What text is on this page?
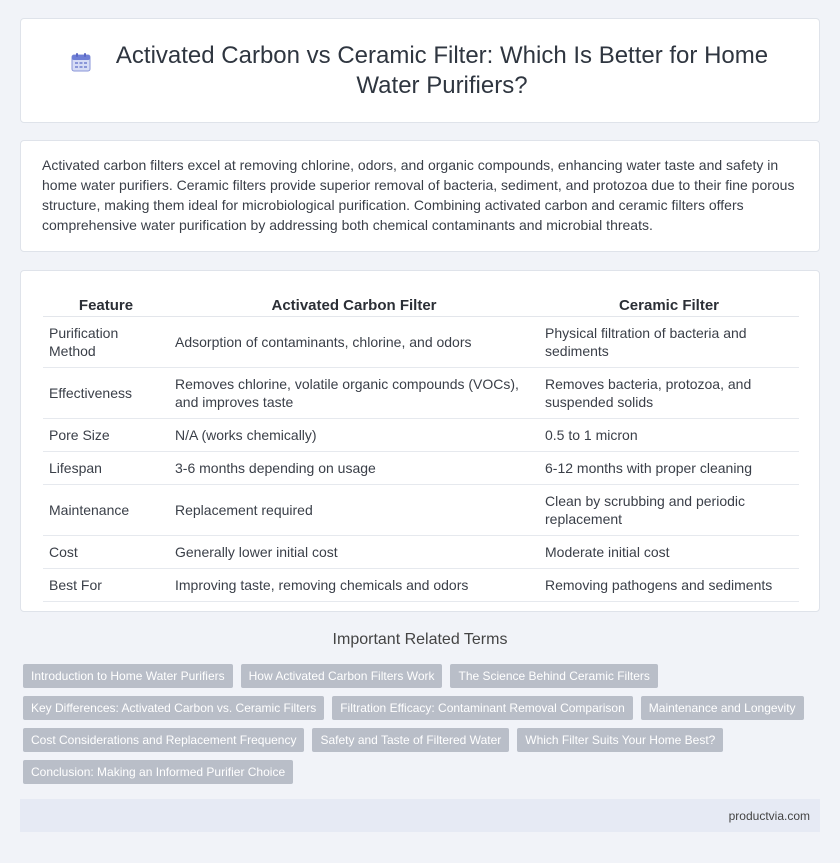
Activated Carbon vs Ceramic Filter: Which Is Better for Home Water Purifiers?

Activated carbon filters excel at removing chlorine, odors, and organic compounds, enhancing water taste and safety in home water purifiers. Ceramic filters provide superior removal of bacteria, sediment, and protozoa due to their fine porous structure, making them ideal for microbiological purification. Combining activated carbon and ceramic filters offers comprehensive water purification by addressing both chemical contaminants and microbial threats.

Feature	Activated Carbon Filter	Ceramic Filter
Purification Method	Adsorption of contaminants, chlorine, and odors	Physical filtration of bacteria and sediments
Effectiveness	Removes chlorine, volatile organic compounds (VOCs), and improves taste	Removes bacteria, protozoa, and suspended solids
Pore Size	N/A (works chemically)	0.5 to 1 micron
Lifespan	3-6 months depending on usage	6-12 months with proper cleaning
Maintenance	Replacement required	Clean by scrubbing and periodic replacement
Cost	Generally lower initial cost	Moderate initial cost
Best For	Improving taste, removing chemicals and odors	Removing pathogens and sediments
Important Related Terms
Introduction to Home Water Purifiers	How Activated Carbon Filters Work	The Science Behind Ceramic Filters
Key Differences: Activated Carbon vs. Ceramic Filters	Filtration Efficacy: Contaminant Removal Comparison	Maintenance and Longevity
Cost Considerations and Replacement Frequency	Safety and Taste of Filtered Water	Which Filter Suits Your Home Best?
Conclusion: Making an Informed Purifier Choice
productvia.com
